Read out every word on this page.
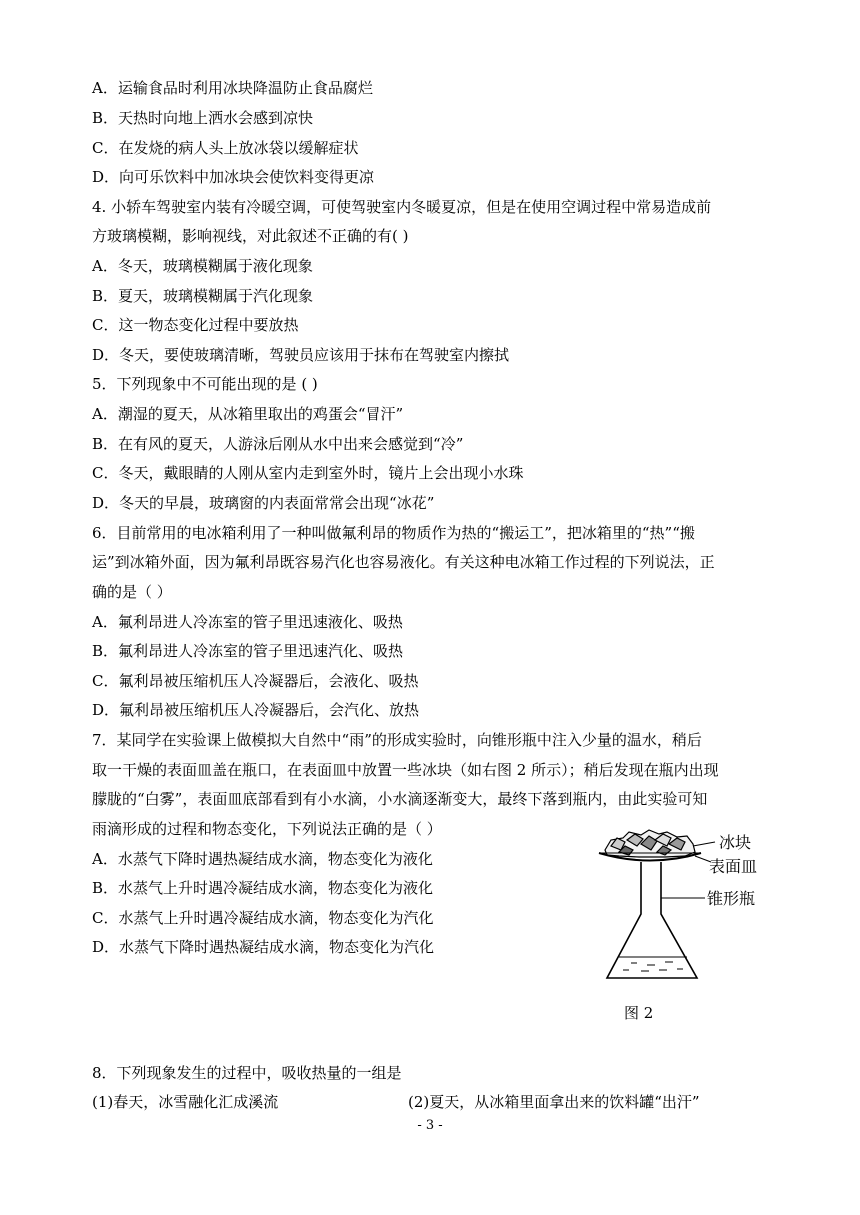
A．运输食品时利用冰块降温防止食品腐烂
B．天热时向地上洒水会感到凉快
C．在发烧的病人头上放冰袋以缓解症状
D．向可乐饮料中加冰块会使饮料变得更凉
4. 小轿车驾驶室内装有冷暖空调，可使驾驶室内冬暖夏凉，但是在使用空调过程中常易造成前
方玻璃模糊，影响视线，对此叙述不正确的有( )
A．冬天，玻璃模糊属于液化现象
B．夏天，玻璃模糊属于汽化现象
C．这一物态变化过程中要放热
D．冬天，要使玻璃清晰，驾驶员应该用于抹布在驾驶室内擦拭
5．下列现象中不可能出现的是 ( )
A．潮湿的夏天，从冰箱里取出的鸡蛋会“冒汗”
B．在有风的夏天，人游泳后刚从水中出来会感觉到“冷”
C．冬天，戴眼睛的人刚从室内走到室外时，镜片上会出现小水珠
D．冬天的早晨，玻璃窗的内表面常常会出现“冰花”
6．目前常用的电冰箱利用了一种叫做氟利昂的物质作为热的“搬运工”，把冰箱里的“热”“搬
运”到冰箱外面，因为氟利昂既容易汽化也容易液化。有关这种电冰箱工作过程的下列说法，正
确的是（ ）
A．氟利昂进人冷冻室的管子里迅速液化、吸热
B．氟利昂进人冷冻室的管子里迅速汽化、吸热
C．氟利昂被压缩机压人冷凝器后，会液化、吸热
D．氟利昂被压缩机压人冷凝器后，会汽化、放热
7．某同学在实验课上做模拟大自然中“雨”的形成实验时，向锥形瓶中注入少量的温水，稍后
取一干燥的表面皿盖在瓶口，在表面皿中放置一些冰块（如右图 2 所示）；稍后发现在瓶内出现
朦胧的“白雾”，表面皿底部看到有小水滴，小水滴逐渐变大，最终下落到瓶内，由此实验可知
雨滴形成的过程和物态变化，下列说法正确的是（ ）
A．水蒸气下降时遇热凝结成水滴，物态变化为液化
B．水蒸气上升时遇冷凝结成水滴，物态变化为液化
C．水蒸气上升时遇冷凝结成水滴，物态变化为汽化
D．水蒸气下降时遇热凝结成水滴，物态变化为汽化
冰块
表面皿
锥形瓶
图 2
8．下列现象发生的过程中，吸收热量的一组是
(1)春天，冰雪融化汇成溪流	(2)夏天，从冰箱里面拿出来的饮料罐“出汗”
- 3 -
